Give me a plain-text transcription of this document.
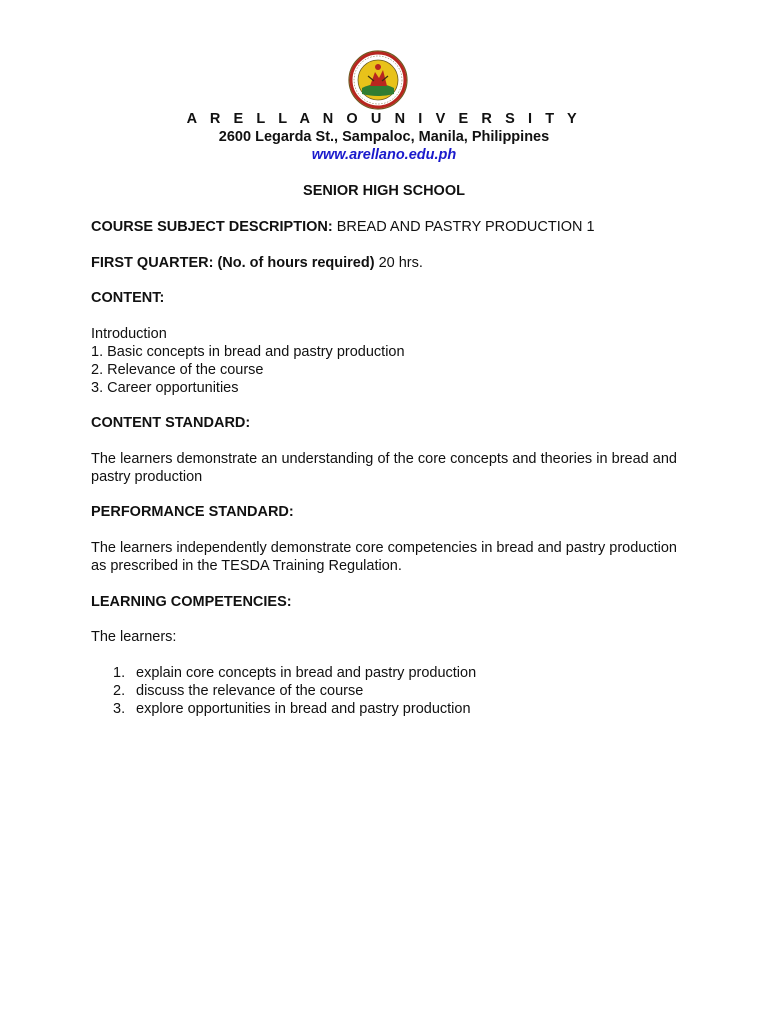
A R E L L A N O U N I V E R S I T Y
2600 Legarda St., Sampaloc, Manila, Philippines
www.arellano.edu.ph
SENIOR HIGH SCHOOL
COURSE SUBJECT DESCRIPTION: BREAD AND PASTRY PRODUCTION 1
FIRST QUARTER: (No. of hours required) 20 hrs.
CONTENT:
Introduction
1. Basic concepts in bread and pastry production
2. Relevance of the course
3. Career opportunities
CONTENT STANDARD:
The learners demonstrate an understanding of the core concepts and theories in bread and pastry production
PERFORMANCE STANDARD:
The learners independently demonstrate core competencies in bread and pastry production as prescribed in the TESDA Training Regulation.
LEARNING COMPETENCIES:
The learners:
1. explain core concepts in bread and pastry production
2. discuss the relevance of the course
3. explore opportunities in bread and pastry production
